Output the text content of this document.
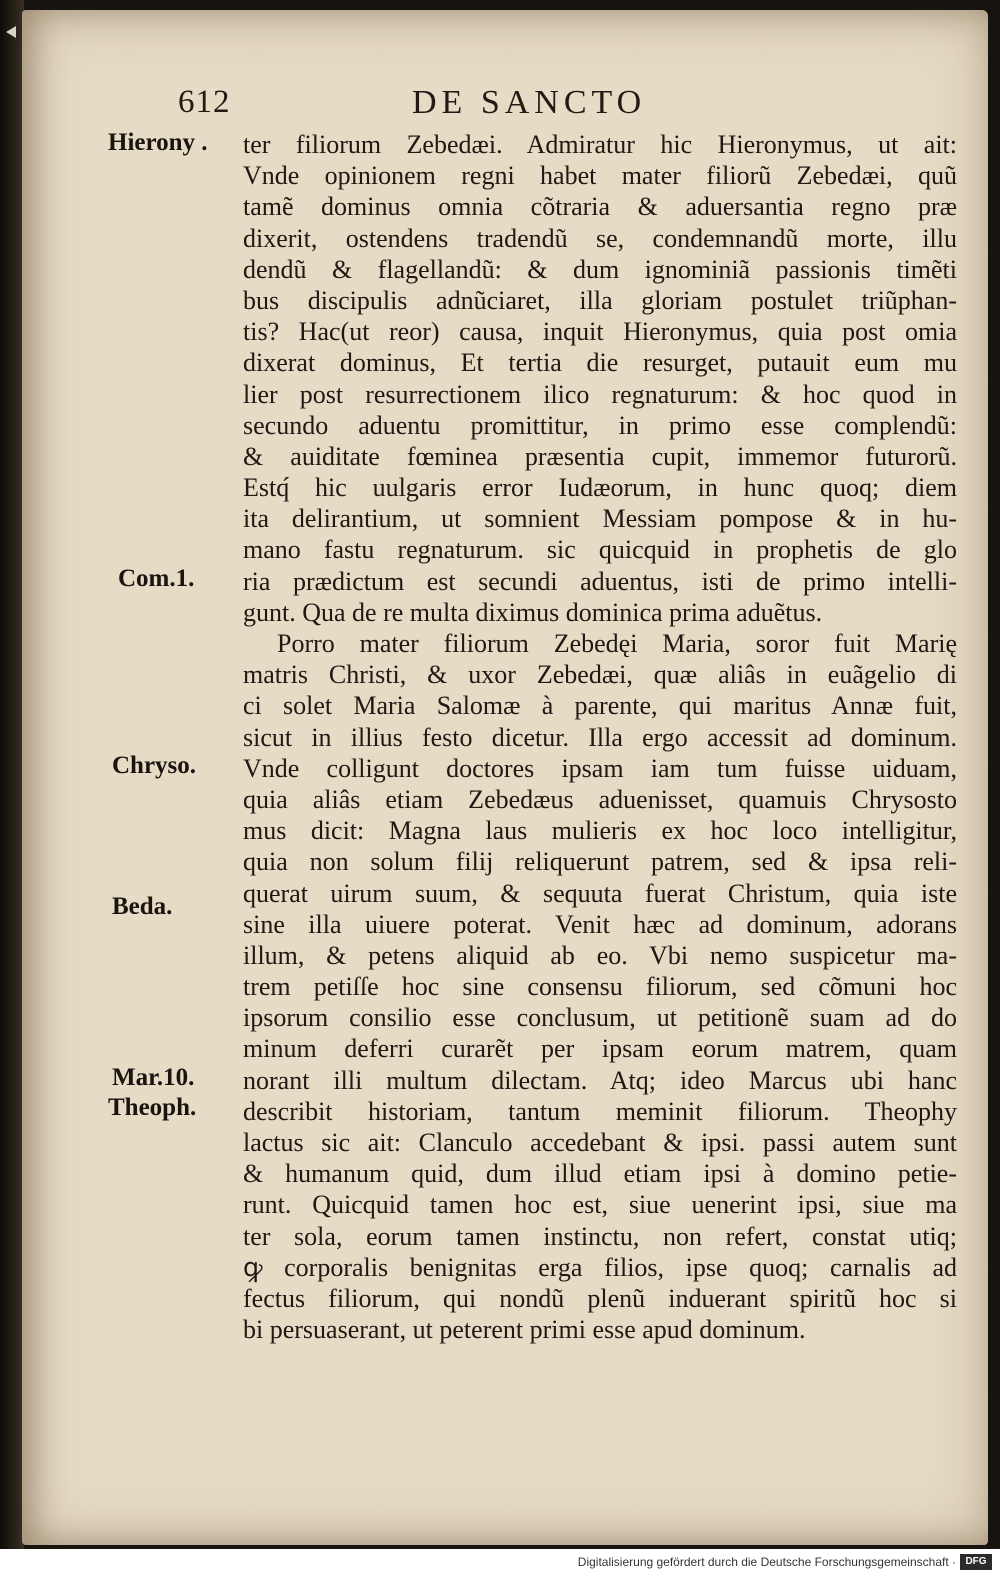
612	DE SANCTO
Hierony .
Com.1.
Chryso.
Beda.
Mar.10.
Theoph.
ter filiorum Zebedæi. Admiratur hic Hieronymus, ut ait:
Vnde opinionem regni habet mater filiorũ Zebedæi, quũ
tamẽ dominus omnia cõtraria & aduersantia regno præ
dixerit, ostendens tradendũ se, condemnandũ morte, illu
dendũ & flagellandũ: & dum ignominiã passionis timẽti
bus discipulis adnũciaret, illa gloriam postulet triũphan-
tis? Hac(ut reor) causa, inquit Hieronymus, quia post omia
dixerat dominus, Et tertia die resurget, putauit eum mu
lier post resurrectionem ilico regnaturum: & hoc quod in
secundo aduentu promittitur, in primo esse complendũ:
& auiditate fœminea præsentia cupit, immemor futurorũ.
Estq́ hic uulgaris error Iudæorum, in hunc quoq; diem
ita delirantium, ut somnient Messiam pompose & in hu-
mano fastu regnaturum. sic quicquid in prophetis de glo
ria prædictum est secundi aduentus, isti de primo intelli-
gunt. Qua de re multa diximus dominica prima aduẽtus.
Porro mater filiorum Zebedęi Maria, soror fuit Marię
matris Christi, & uxor Zebedæi, quæ aliâs in euãgelio di
ci solet Maria Salomæ à parente, qui maritus Annæ fuit,
sicut in illius festo dicetur. Illa ergo accessit ad dominum.
Vnde colligunt doctores ipsam iam tum fuisse uiduam,
quia aliâs etiam Zebedæus aduenisset, quamuis Chrysosto
mus dicit: Magna laus mulieris ex hoc loco intelligitur,
quia non solum filij reliquerunt patrem, sed & ipsa reli-
querat uirum suum, & sequuta fuerat Christum, quia iste
sine illa uiuere poterat. Venit hæc ad dominum, adorans
illum, & petens aliquid ab eo. Vbi nemo suspicetur ma-
trem petiſſe hoc sine consensu filiorum, sed cõmuni hoc
ipsorum consilio esse conclusum, ut petitionẽ suam ad do
minum deferri curarẽt per ipsam eorum matrem, quam
norant illi multum dilectam. Atq; ideo Marcus ubi hanc
describit historiam, tantum meminit filiorum. Theophy
lactus sic ait: Clanculo accedebant & ipsi. passi autem sunt
& humanum quid, dum illud etiam ipsi à domino petie-
runt. Quicquid tamen hoc est, siue uenerint ipsi, siue ma
ter sola, eorum tamen instinctu, non refert, constat utiq;
ꝙ corporalis benignitas erga filios, ipse quoq; carnalis ad
fectus filiorum, qui nondũ plenũ induerant spiritũ hoc si
bi persuaserant, ut peterent primi esse apud dominum.
Digitalisierung gefördert durch die Deutsche Forschungsgemeinschaft · DFG
